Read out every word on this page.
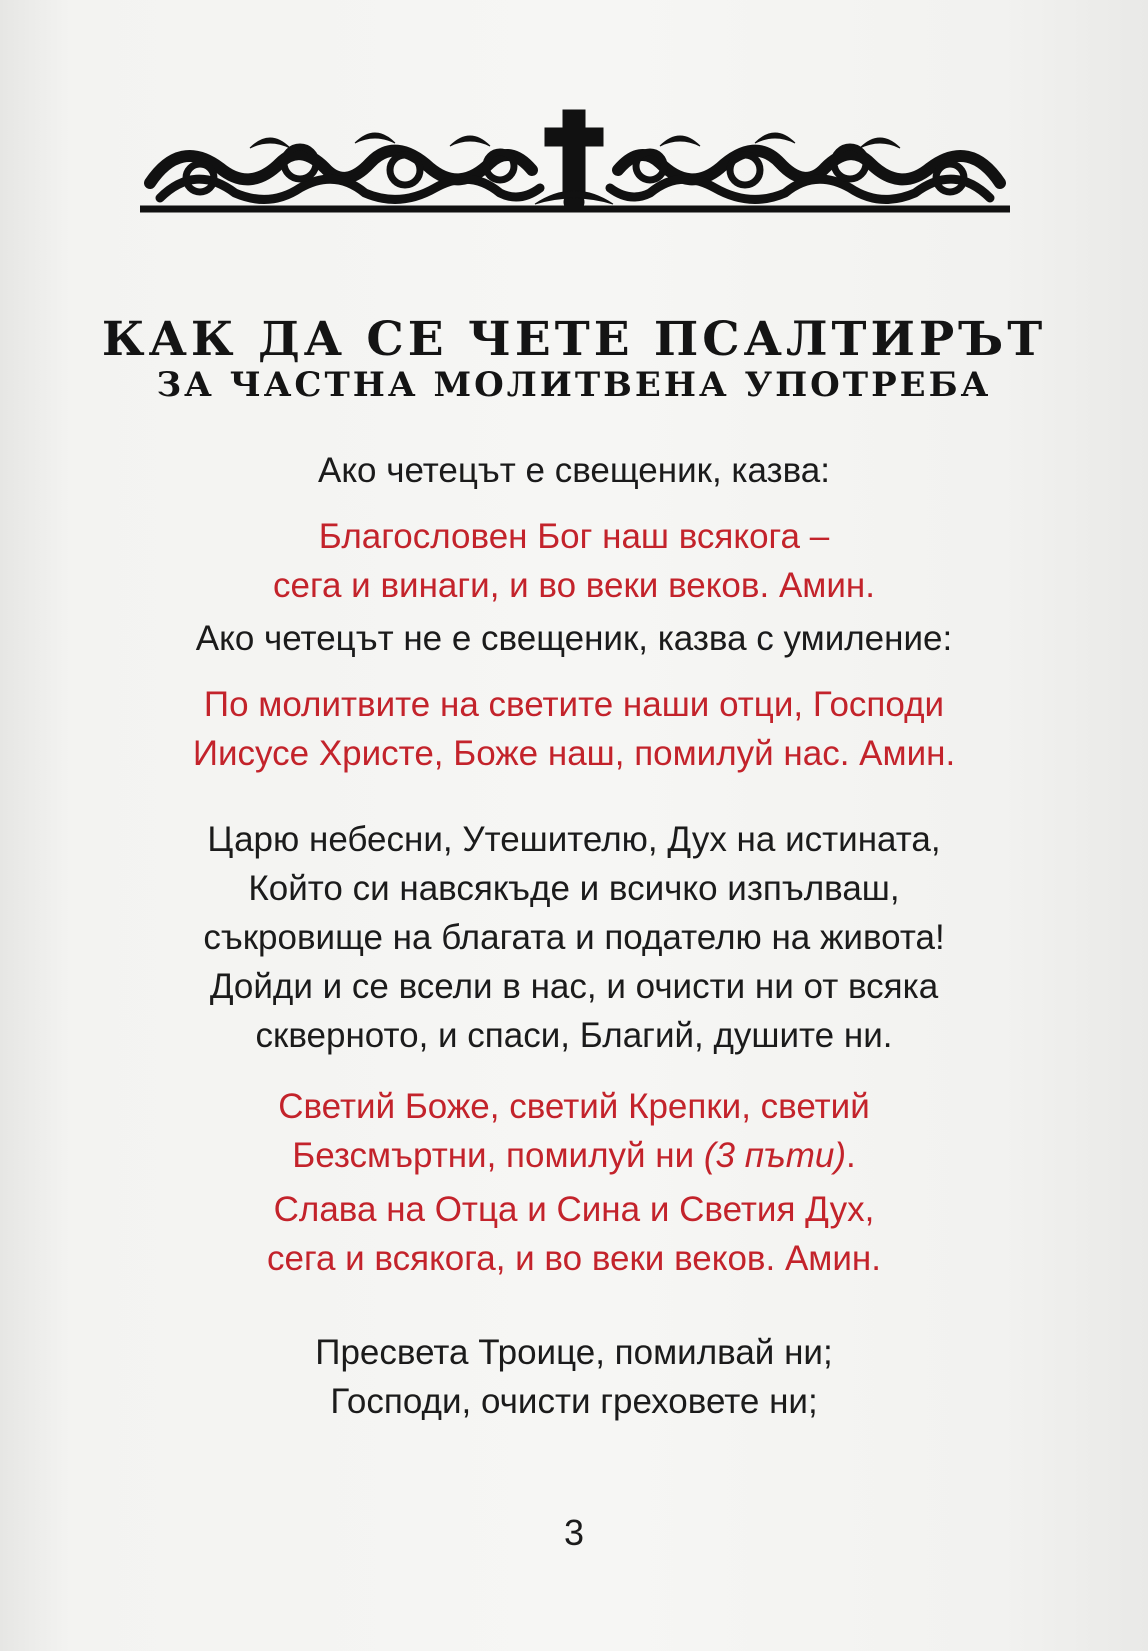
КАК ДА СЕ ЧЕТЕ ПСАЛТИРЪТ
ЗА ЧАСТНА МОЛИТВЕНА УПОТРЕБА
Ако четецът е свещеник, казва:
Благословен Бог наш всякога –
сега и винаги, и во веки веков. Амин.
Ако четецът не е свещеник, казва с умиление:
По молитвите на светите наши отци, Господи
Иисусе Христе, Боже наш, помилуй нас. Амин.
Царю небесни, Утешителю, Дух на истината,
Който си навсякъде и всичко изпълваш,
съкровище на благата и подателю на живота!
Дойди и се всели в нас, и очисти ни от всяка
скверното, и спаси, Благий, душите ни.
Светий Боже, светий Крепки, светий
Безсмъртни, помилуй ни (3 пъти).
Слава на Отца и Сина и Светия Дух,
сега и всякога, и во веки веков. Амин.
Пресвета Троице, помилвай ни;
Господи, очисти греховете ни;
3
